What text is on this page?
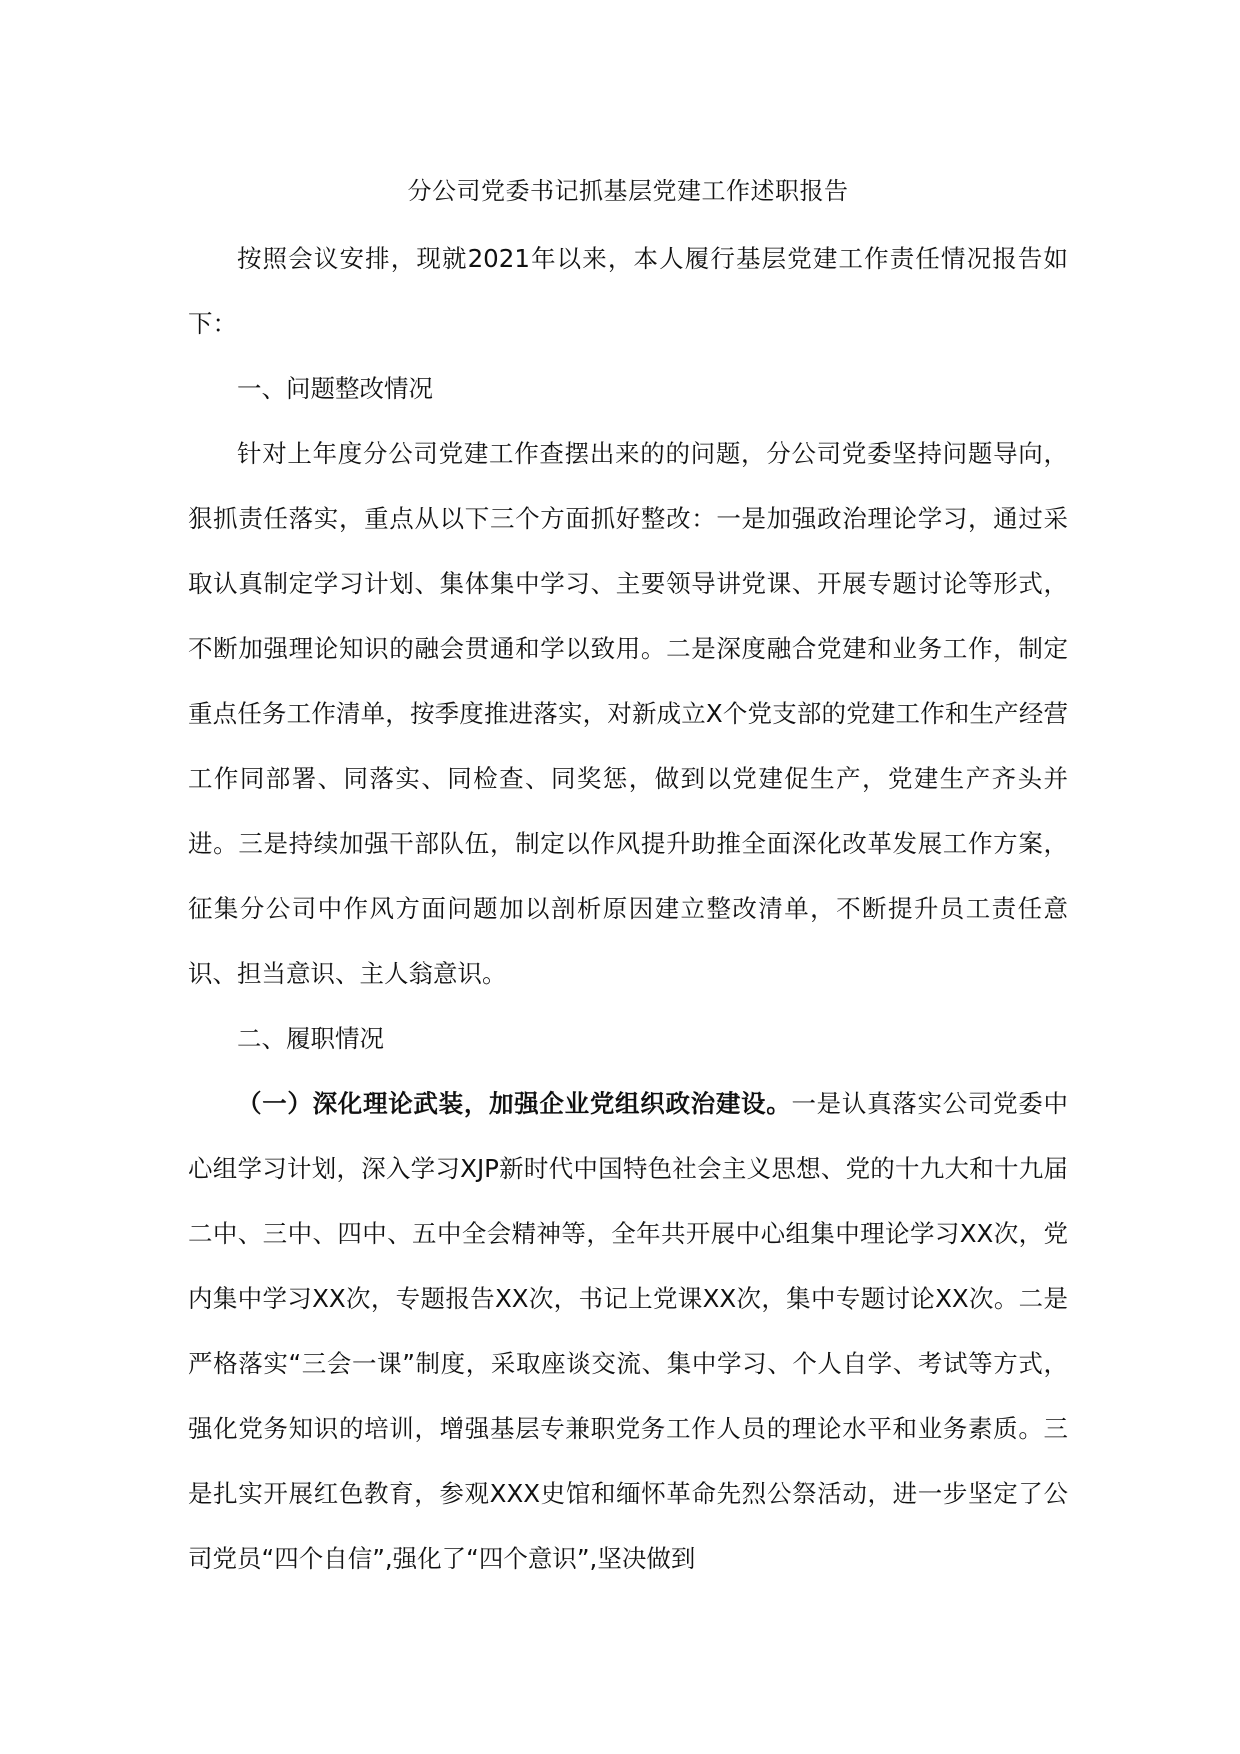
分公司党委书记抓基层党建工作述职报告

按照会议安排，现就2021年以来，本人履行基层党建工作责任情况报告如下：

一、问题整改情况

针对上年度分公司党建工作查摆出来的的问题，分公司党委坚持问题导向，狠抓责任落实，重点从以下三个方面抓好整改：一是加强政治理论学习，通过采取认真制定学习计划、集体集中学习、主要领导讲党课、开展专题讨论等形式，不断加强理论知识的融会贯通和学以致用。二是深度融合党建和业务工作，制定重点任务工作清单，按季度推进落实，对新成立X个党支部的党建工作和生产经营工作同部署、同落实、同检查、同奖惩，做到以党建促生产，党建生产齐头并进。三是持续加强干部队伍，制定以作风提升助推全面深化改革发展工作方案，征集分公司中作风方面问题加以剖析原因建立整改清单，不断提升员工责任意识、担当意识、主人翁意识。

二、履职情况

（一）深化理论武装，加强企业党组织政治建设。一是认真落实公司党委中心组学习计划，深入学习XJP新时代中国特色社会主义思想、党的十九大和十九届二中、三中、四中、五中全会精神等，全年共开展中心组集中理论学习XX次，党内集中学习XX次，专题报告XX次，书记上党课XX次，集中专题讨论XX次。二是严格落实“三会一课”制度，采取座谈交流、集中学习、个人自学、考试等方式，强化党务知识的培训，增强基层专兼职党务工作人员的理论水平和业务素质。三是扎实开展红色教育，参观XXX史馆和缅怀革命先烈公祭活动，进一步坚定了公司党员“四个自信”,强化了“四个意识”,坚决做到
